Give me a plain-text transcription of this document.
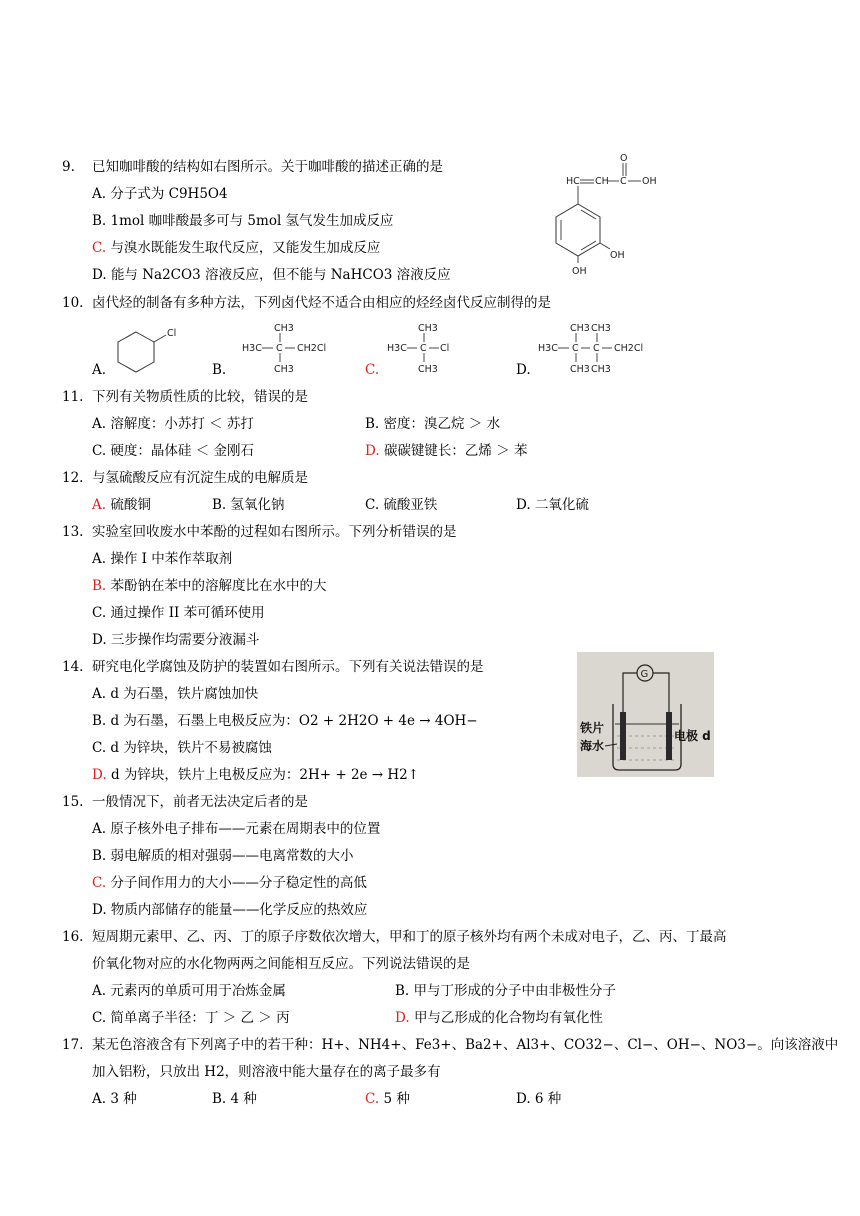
9. 已知咖啡酸的结构如右图所示。关于咖啡酸的描述正确的是
A. 分子式为 C9H5O4
B. 1mol 咖啡酸最多可与 5mol 氢气发生加成反应
C. 与溴水既能发生取代反应，又能发生加成反应
D. 能与 Na2CO3 溶液反应，但不能与 NaHCO3 溶液反应
O
HC CH C OH
OH
OH
10. 卤代烃的制备有多种方法，下列卤代烃不适合由相应的烃经卤代反应制得的是
A.	B.	C.	D.
Cl	CH3
H3C C CH2Cl
CH3
CH3
H3C C Cl
CH3
CH3 CH3
H3C C C CH2Cl
CH3 CH3
11. 下列有关物质性质的比较，错误的是
A. 溶解度：小苏打 ＜ 苏打	B. 密度：溴乙烷 ＞ 水
C. 硬度：晶体硅 ＜ 金刚石	D. 碳碳键键长：乙烯 ＞ 苯
12. 与氢硫酸反应有沉淀生成的电解质是
A. 硫酸铜	B. 氢氧化钠	C. 硫酸亚铁	D. 二氧化硫
13. 实验室回收废水中苯酚的过程如右图所示。下列分析错误的是
A. 操作 I 中苯作萃取剂
B. 苯酚钠在苯中的溶解度比在水中的大
C. 通过操作 II 苯可循环使用
D. 三步操作均需要分液漏斗
14. 研究电化学腐蚀及防护的装置如右图所示。下列有关说法错误的是
A. d 为石墨，铁片腐蚀加快
B. d 为石墨，石墨上电极反应为：O2 + 2H2O + 4e → 4OH−
C. d 为锌块，铁片不易被腐蚀
D. d 为锌块，铁片上电极反应为：2H+ + 2e → H2↑
G
铁片
海水
电极 d
15. 一般情况下，前者无法决定后者的是
A. 原子核外电子排布——元素在周期表中的位置
B. 弱电解质的相对强弱——电离常数的大小
C. 分子间作用力的大小——分子稳定性的高低
D. 物质内部储存的能量——化学反应的热效应
16. 短周期元素甲、乙、丙、丁的原子序数依次增大，甲和丁的原子核外均有两个未成对电子，乙、丙、丁最高
价氧化物对应的水化物两两之间能相互反应。下列说法错误的是
A. 元素丙的单质可用于冶炼金属	B. 甲与丁形成的分子中由非极性分子
C. 简单离子半径：丁 ＞ 乙 ＞ 丙	D. 甲与乙形成的化合物均有氧化性
17. 某无色溶液含有下列离子中的若干种：H+、NH4+、Fe3+、Ba2+、Al3+、CO32−、Cl−、OH−、NO3−。向该溶液中
加入铝粉，只放出 H2，则溶液中能大量存在的离子最多有
A. 3 种	B. 4 种	C. 5 种	D. 6 种
